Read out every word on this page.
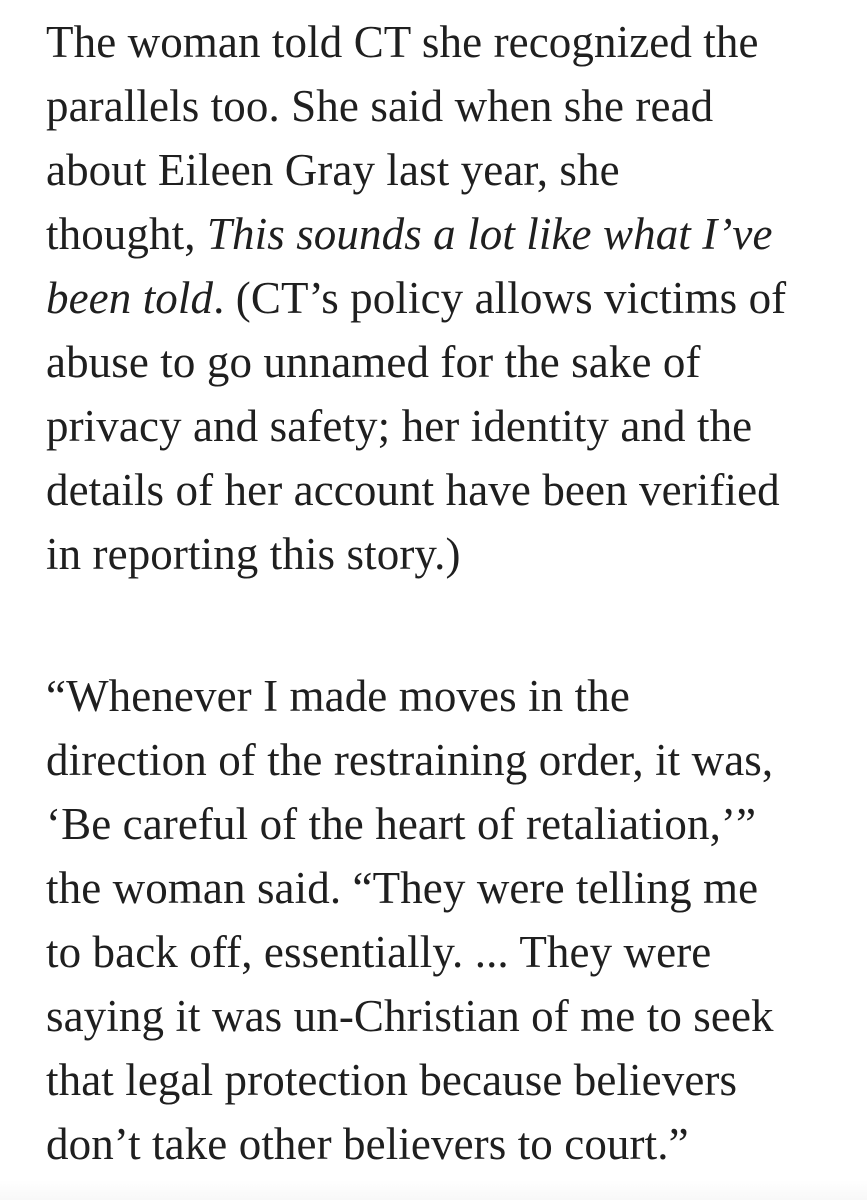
The woman told CT she recognized the
parallels too. She said when she read
about Eileen Gray last year, she
thought, This sounds a lot like what I’ve
been told. (CT’s policy allows victims of
abuse to go unnamed for the sake of
privacy and safety; her identity and the
details of her account have been verified
in reporting this story.)
“Whenever I made moves in the
direction of the restraining order, it was,
‘Be careful of the heart of retaliation,’”
the woman said. “They were telling me
to back off, essentially. ... They were
saying it was un-Christian of me to seek
that legal protection because believers
don’t take other believers to court.”
